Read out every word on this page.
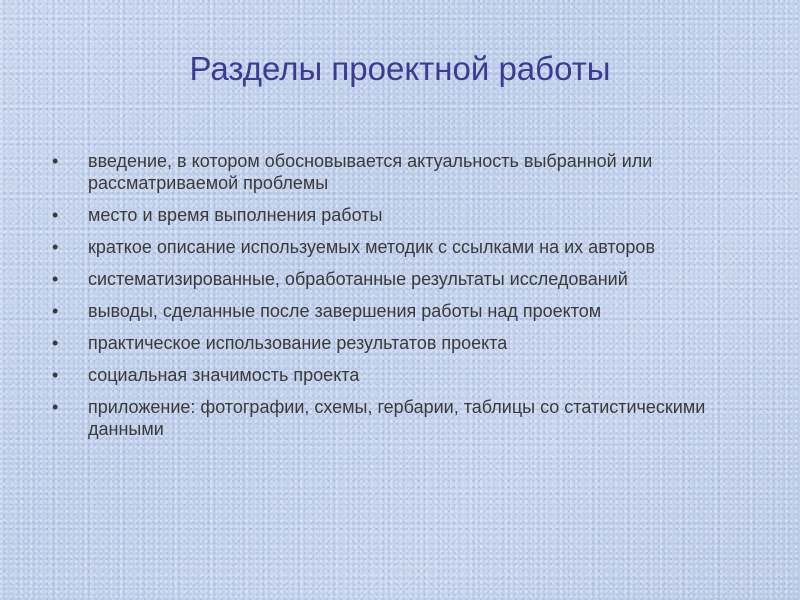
Разделы проектной работы
• введение, в котором обосновывается актуальность выбранной или рассматриваемой проблемы
• место и время выполнения работы
• краткое описание используемых методик с ссылками на их авторов
• систематизированные, обработанные результаты исследований
• выводы, сделанные после завершения работы над проектом
• практическое использование результатов проекта
• социальная значимость проекта
• приложение: фотографии, схемы, гербарии, таблицы со статистическими данными
